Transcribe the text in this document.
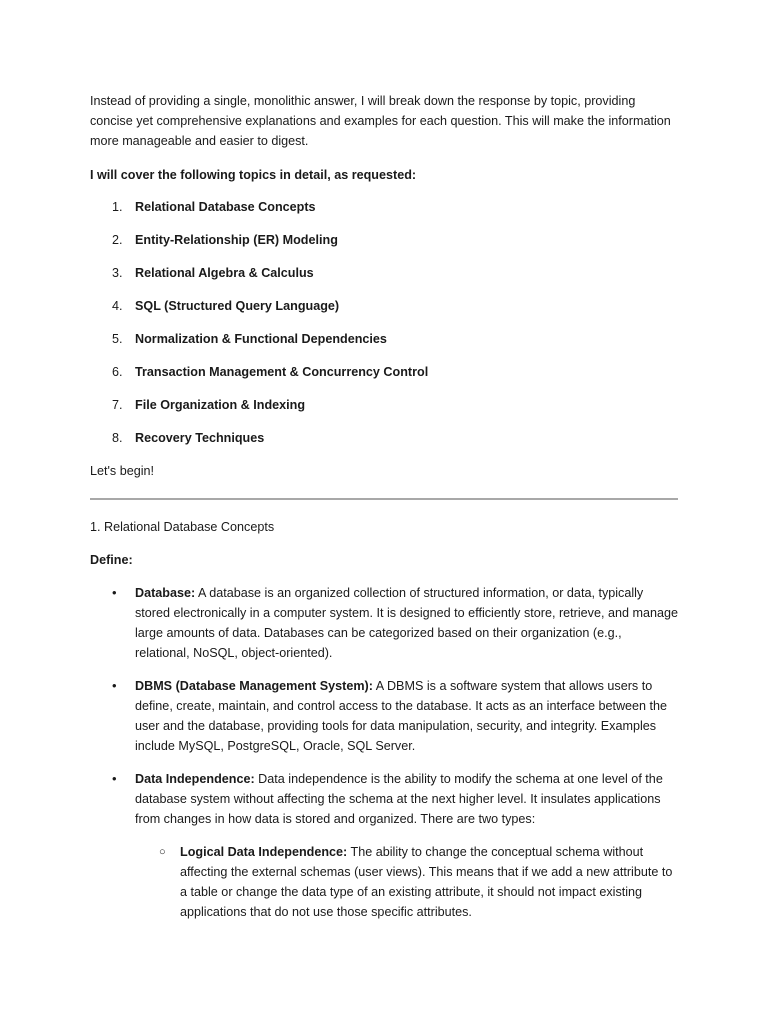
Instead of providing a single, monolithic answer, I will break down the response by topic, providing concise yet comprehensive explanations and examples for each question. This will make the information more manageable and easier to digest.

I will cover the following topics in detail, as requested:

1. Relational Database Concepts
2. Entity-Relationship (ER) Modeling
3. Relational Algebra & Calculus
4. SQL (Structured Query Language)
5. Normalization & Functional Dependencies
6. Transaction Management & Concurrency Control
7. File Organization & Indexing
8. Recovery Techniques

Let's begin!

1. Relational Database Concepts

Define:

• Database: A database is an organized collection of structured information, or data, typically stored electronically in a computer system. It is designed to efficiently store, retrieve, and manage large amounts of data. Databases can be categorized based on their organization (e.g., relational, NoSQL, object-oriented).
• DBMS (Database Management System): A DBMS is a software system that allows users to define, create, maintain, and control access to the database. It acts as an interface between the user and the database, providing tools for data manipulation, security, and integrity. Examples include MySQL, PostgreSQL, Oracle, SQL Server.
• Data Independence: Data independence is the ability to modify the schema at one level of the database system without affecting the schema at the next higher level. It insulates applications from changes in how data is stored and organized. There are two types:
○ Logical Data Independence: The ability to change the conceptual schema without affecting the external schemas (user views). This means that if we add a new attribute to a table or change the data type of an existing attribute, it should not impact existing applications that do not use those specific attributes.
